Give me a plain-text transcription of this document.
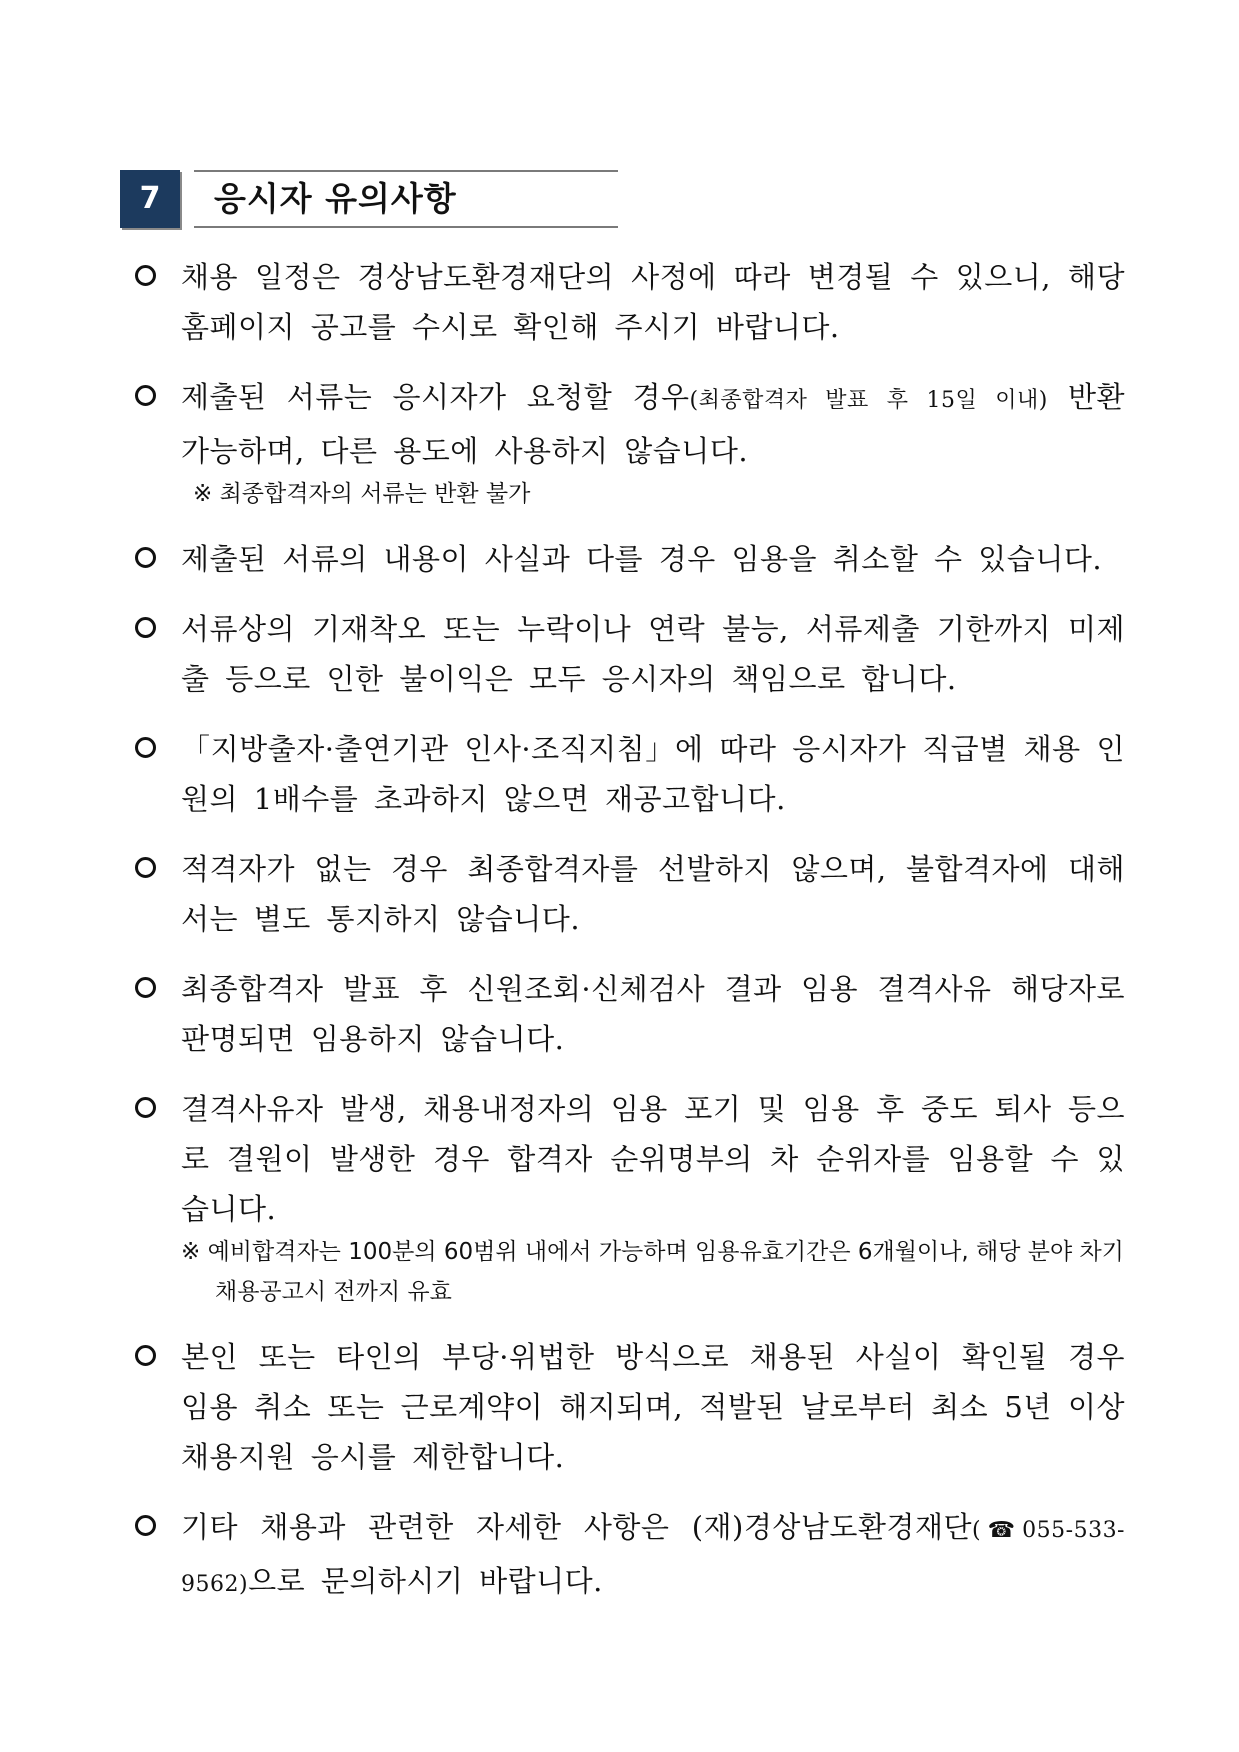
7	응시자 유의사항
채용 일정은 경상남도환경재단의 사정에 따라 변경될 수 있으니, 해당 홈페이지 공고를 수시로 확인해 주시기 바랍니다.
제출된 서류는 응시자가 요청할 경우(최종합격자 발표 후 15일 이내) 반환 가능하며, 다른 용도에 사용하지 않습니다.
※ 최종합격자의 서류는 반환 불가
제출된 서류의 내용이 사실과 다를 경우 임용을 취소할 수 있습니다.
서류상의 기재착오 또는 누락이나 연락 불능, 서류제출 기한까지 미제출 등으로 인한 불이익은 모두 응시자의 책임으로 합니다.
「지방출자·출연기관 인사·조직지침」에 따라 응시자가 직급별 채용 인원의 1배수를 초과하지 않으면 재공고합니다.
적격자가 없는 경우 최종합격자를 선발하지 않으며, 불합격자에 대해서는 별도 통지하지 않습니다.
최종합격자 발표 후 신원조회·신체검사 결과 임용 결격사유 해당자로 판명되면 임용하지 않습니다.
결격사유자 발생, 채용내정자의 임용 포기 및 임용 후 중도 퇴사 등으로 결원이 발생한 경우 합격자 순위명부의 차 순위자를 임용할 수 있습니다.
※ 예비합격자는 100분의 60범위 내에서 가능하며 임용유효기간은 6개월이나, 해당 분야 차기 채용공고시 전까지 유효
본인 또는 타인의 부당·위법한 방식으로 채용된 사실이 확인될 경우 임용 취소 또는 근로계약이 해지되며, 적발된 날로부터 최소 5년 이상 채용지원 응시를 제한합니다.
기타 채용과 관련한 자세한 사항은 (재)경상남도환경재단(☎055-533-9562)으로 문의하시기 바랍니다.
